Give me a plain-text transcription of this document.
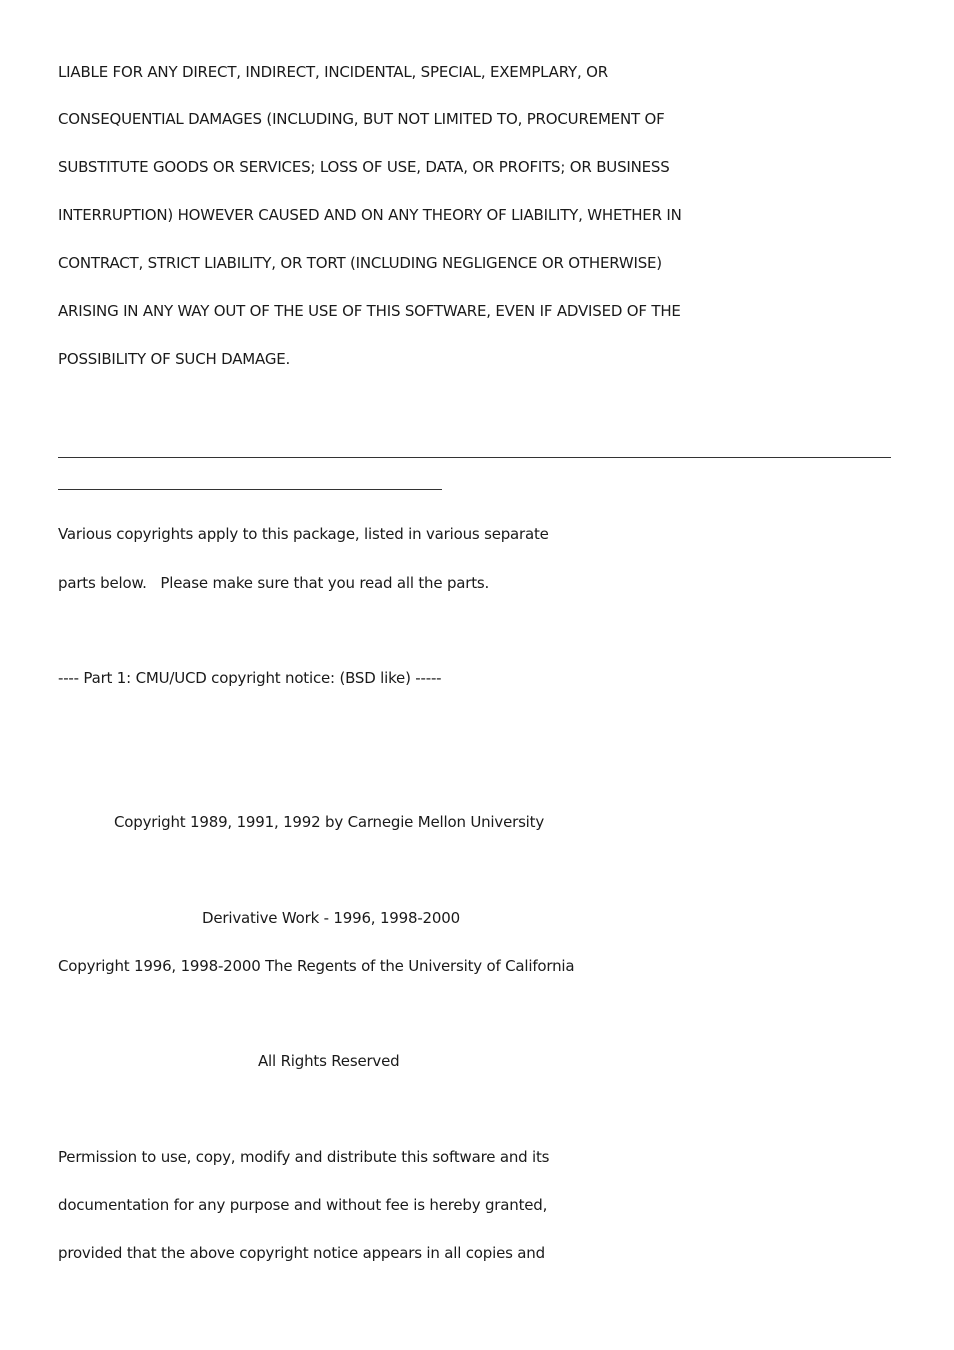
LIABLE FOR ANY DIRECT, INDIRECT, INCIDENTAL, SPECIAL, EXEMPLARY, OR
CONSEQUENTIAL DAMAGES (INCLUDING, BUT NOT LIMITED TO, PROCUREMENT OF
SUBSTITUTE GOODS OR SERVICES; LOSS OF USE, DATA, OR PROFITS; OR BUSINESS
INTERRUPTION) HOWEVER CAUSED AND ON ANY THEORY OF LIABILITY, WHETHER IN
CONTRACT, STRICT LIABILITY, OR TORT (INCLUDING NEGLIGENCE OR OTHERWISE)
ARISING IN ANY WAY OUT OF THE USE OF THIS SOFTWARE, EVEN IF ADVISED OF THE
POSSIBILITY OF SUCH DAMAGE.
Various copyrights apply to this package, listed in various separate
parts below.   Please make sure that you read all the parts.
---- Part 1: CMU/UCD copyright notice: (BSD like) -----
Copyright 1989, 1991, 1992 by Carnegie Mellon University
Derivative Work - 1996, 1998-2000
Copyright 1996, 1998-2000 The Regents of the University of California
All Rights Reserved
Permission to use, copy, modify and distribute this software and its
documentation for any purpose and without fee is hereby granted,
provided that the above copyright notice appears in all copies and
